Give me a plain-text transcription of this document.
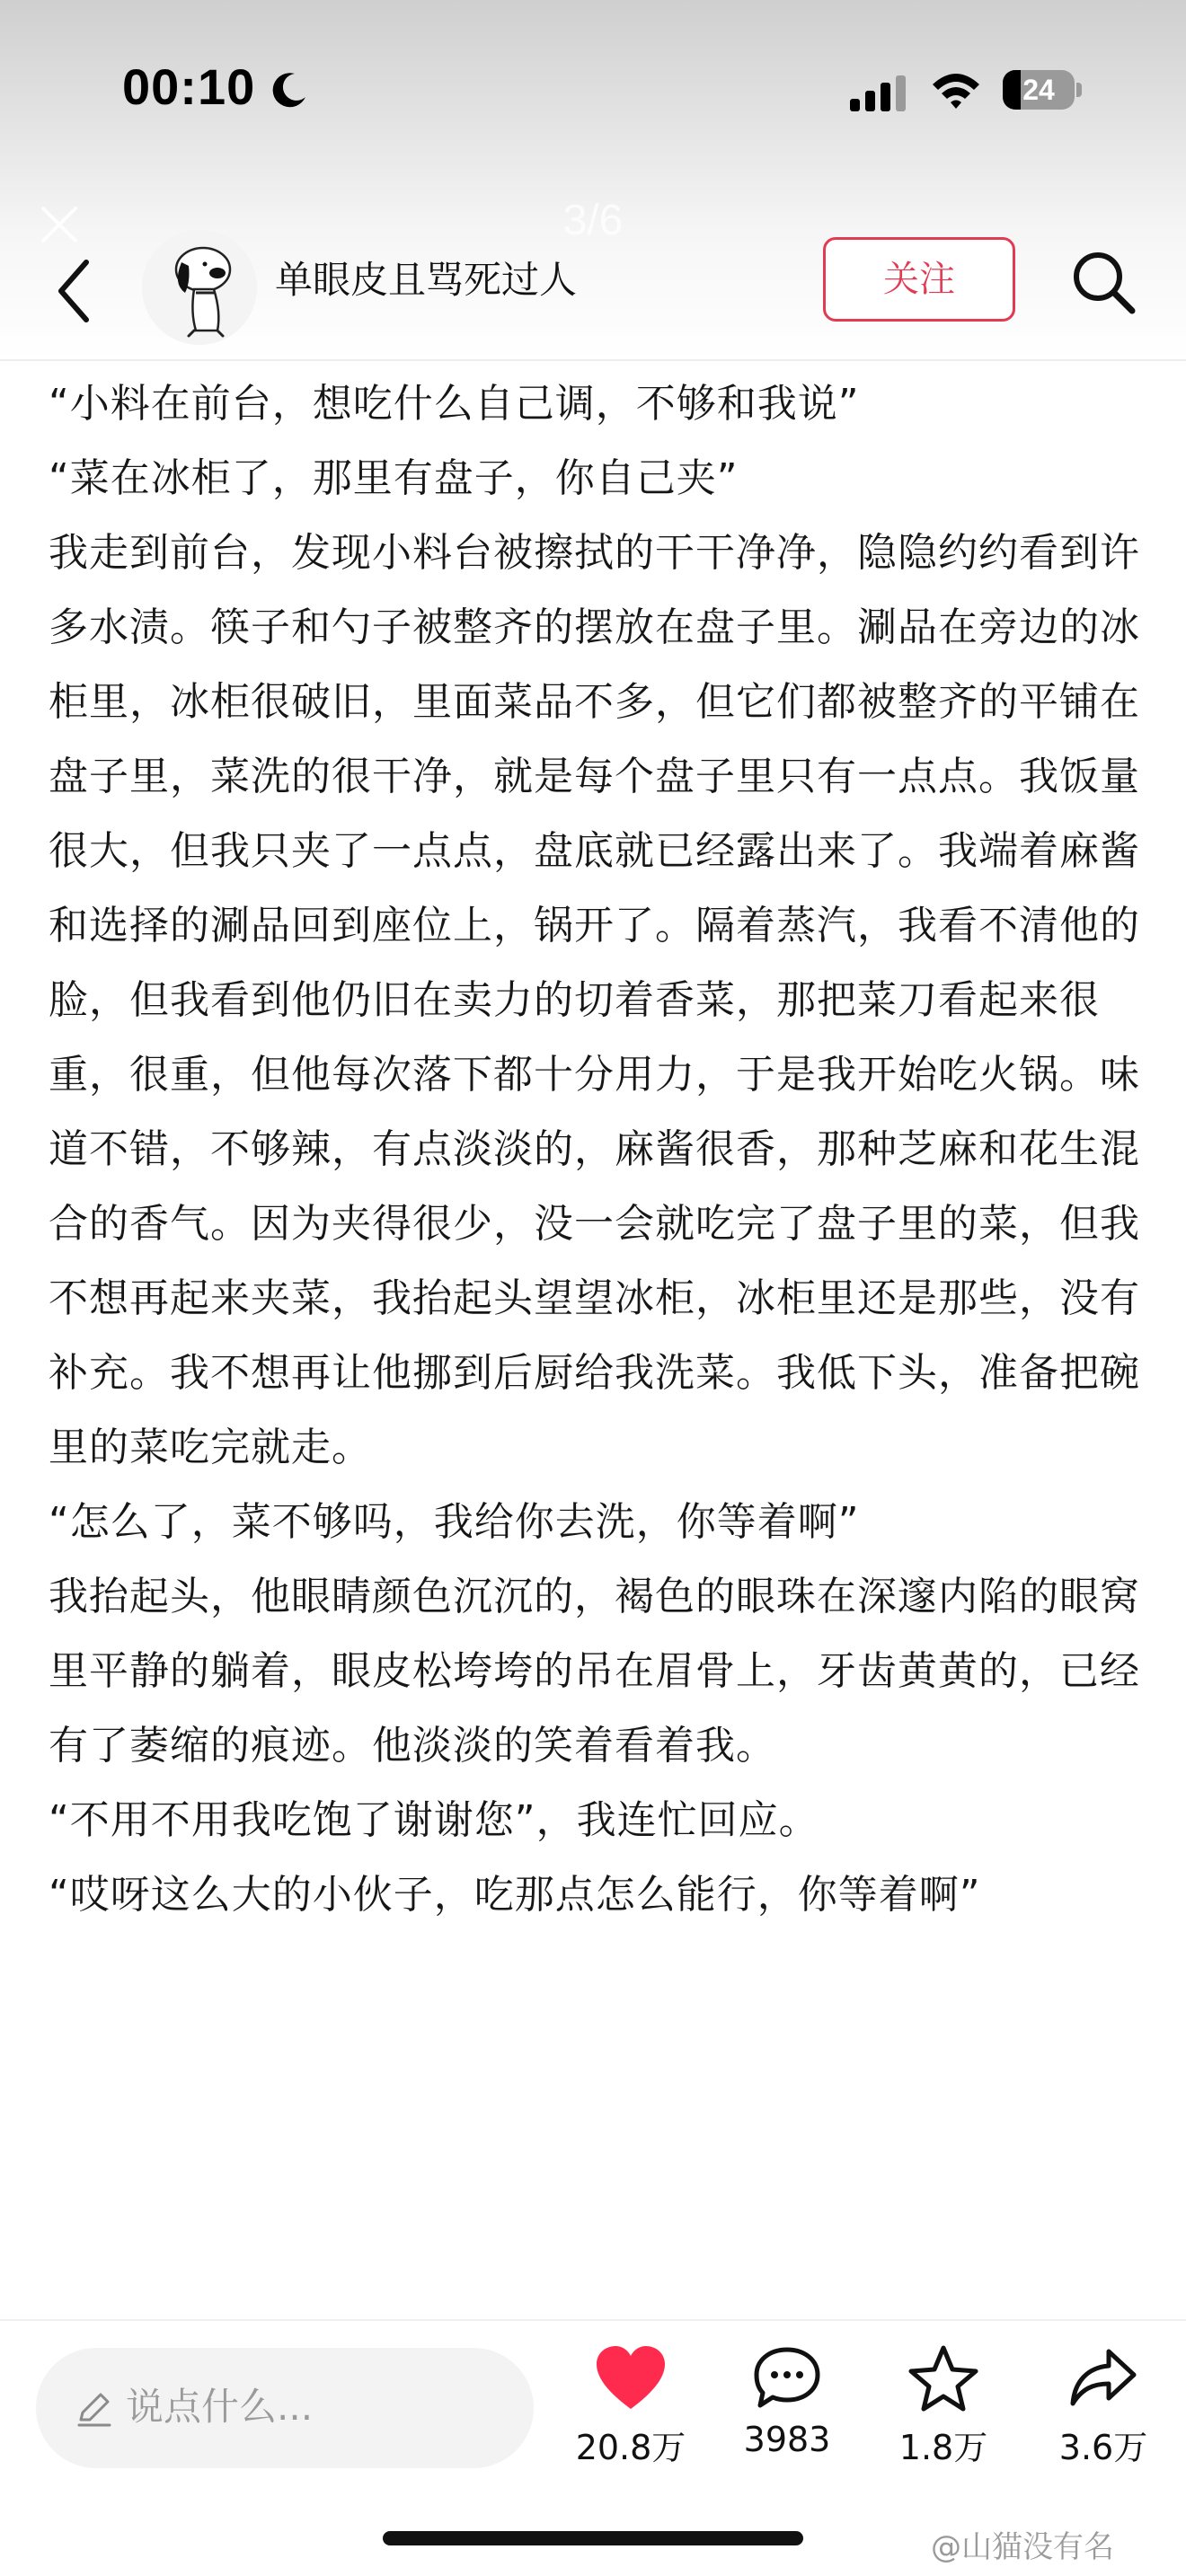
00:10	24
3/6
单眼皮且骂死过人	关注

“小料在前台，想吃什么自己调，不够和我说”

“菜在冰柜了，那里有盘子，你自己夹”

我走到前台，发现小料台被擦拭的干干净净，隐隐约约看到许多水渍。筷子和勺子被整齐的摆放在盘子里。涮品在旁边的冰柜里，冰柜很破旧，里面菜品不多，但它们都被整齐的平铺在盘子里，菜洗的很干净，就是每个盘子里只有一点点。我饭量很大，但我只夹了一点点，盘底就已经露出来了。我端着麻酱和选择的涮品回到座位上，锅开了。隔着蒸汽，我看不清他的脸，但我看到他仍旧在卖力的切着香菜，那把菜刀看起来很重，很重，但他每次落下都十分用力，于是我开始吃火锅。味道不错，不够辣，有点淡淡的，麻酱很香，那种芝麻和花生混合的香气。因为夹得很少，没一会就吃完了盘子里的菜，但我不想再起来夹菜，我抬起头望望冰柜，冰柜里还是那些，没有补充。我不想再让他挪到后厨给我洗菜。我低下头，准备把碗里的菜吃完就走。

“怎么了，菜不够吗，我给你去洗，你等着啊”

我抬起头，他眼睛颜色沉沉的，褐色的眼珠在深邃内陷的眼窝里平静的躺着，眼皮松垮垮的吊在眉骨上，牙齿黄黄的，已经有了萎缩的痕迹。他淡淡的笑着看着我。

“不用不用我吃饱了谢谢您”，我连忙回应。

“哎呀这么大的小伙子，吃那点怎么能行，你等着啊”

说点什么...
20.8万	3983	1.8万	3.6万
@山猫没有名
